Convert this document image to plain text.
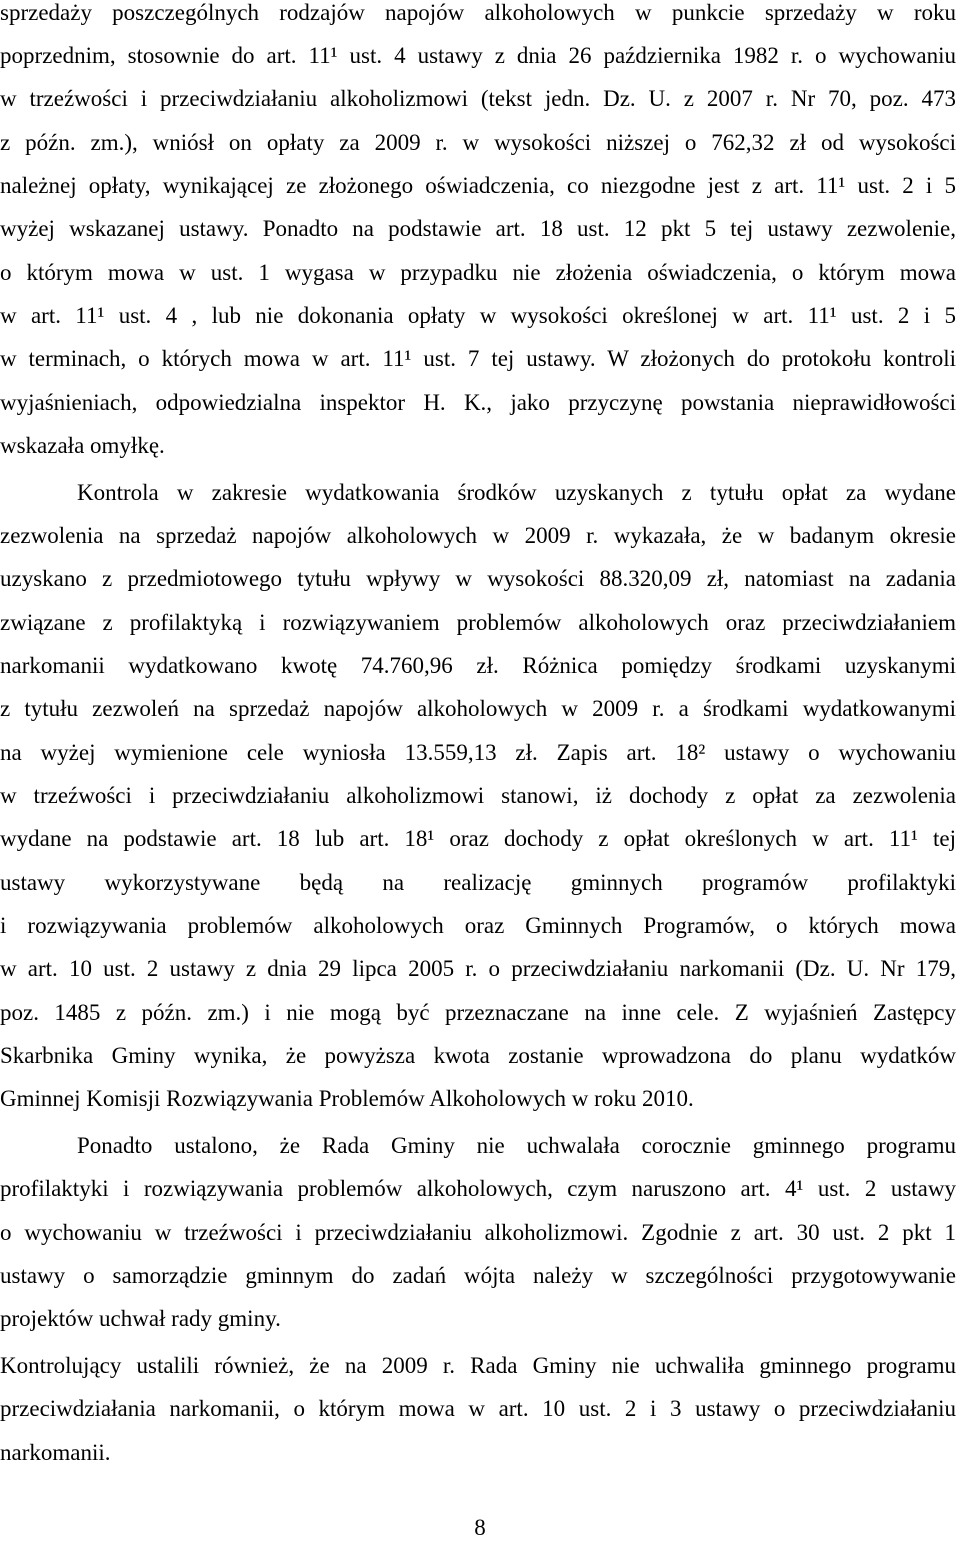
sprzedaży poszczególnych rodzajów napojów alkoholowych w punkcie sprzedaży w roku
poprzednim, stosownie do art. 11¹ ust. 4 ustawy z dnia 26 października 1982 r. o wychowaniu
w trzeźwości i przeciwdziałaniu alkoholizmowi (tekst jedn. Dz. U. z 2007 r. Nr 70, poz. 473
z późn. zm.), wniósł on opłaty za 2009 r. w wysokości niższej o 762,32 zł od wysokości
należnej opłaty, wynikającej ze złożonego oświadczenia, co niezgodne jest z art. 11¹ ust. 2 i 5
wyżej wskazanej ustawy. Ponadto na podstawie art. 18 ust. 12 pkt 5 tej ustawy zezwolenie,
o którym mowa w ust. 1 wygasa w przypadku nie złożenia oświadczenia, o którym mowa
w art. 11¹ ust. 4 , lub nie dokonania opłaty w wysokości określonej w art. 11¹ ust. 2 i 5
w terminach, o których mowa w art. 11¹ ust. 7 tej ustawy. W złożonych do protokołu kontroli
wyjaśnieniach, odpowiedzialna inspektor H. K., jako przyczynę powstania nieprawidłowości
wskazała omyłkę.
Kontrola w zakresie wydatkowania środków uzyskanych z tytułu opłat za wydane
zezwolenia na sprzedaż napojów alkoholowych w 2009 r. wykazała, że w badanym okresie
uzyskano z przedmiotowego tytułu wpływy w wysokości 88.320,09 zł, natomiast na zadania
związane z profilaktyką i rozwiązywaniem problemów alkoholowych oraz przeciwdziałaniem
narkomanii wydatkowano kwotę 74.760,96 zł. Różnica pomiędzy środkami uzyskanymi
z tytułu zezwoleń na sprzedaż napojów alkoholowych w 2009 r. a środkami wydatkowanymi
na wyżej wymienione cele wyniosła 13.559,13 zł. Zapis art. 18² ustawy o wychowaniu
w trzeźwości i przeciwdziałaniu alkoholizmowi stanowi, iż dochody z opłat za zezwolenia
wydane na podstawie art. 18 lub art. 18¹ oraz dochody z opłat określonych w art. 11¹ tej
ustawy wykorzystywane będą na realizację gminnych programów profilaktyki
i rozwiązywania problemów alkoholowych oraz Gminnych Programów, o których mowa
w art. 10 ust. 2 ustawy z dnia 29 lipca 2005 r. o przeciwdziałaniu narkomanii (Dz. U. Nr 179,
poz. 1485 z późn. zm.) i nie mogą być przeznaczane na inne cele. Z wyjaśnień Zastępcy
Skarbnika Gminy wynika, że powyższa kwota zostanie wprowadzona do planu wydatków
Gminnej Komisji Rozwiązywania Problemów Alkoholowych w roku 2010.
Ponadto ustalono, że Rada Gminy nie uchwalała corocznie gminnego programu
profilaktyki i rozwiązywania problemów alkoholowych, czym naruszono art. 4¹ ust. 2 ustawy
o wychowaniu w trzeźwości i przeciwdziałaniu alkoholizmowi. Zgodnie z art. 30 ust. 2 pkt 1
ustawy o samorządzie gminnym do zadań wójta należy w szczególności przygotowywanie
projektów uchwał rady gminy.
Kontrolujący ustalili również, że na 2009 r. Rada Gminy nie uchwaliła gminnego programu
przeciwdziałania narkomanii, o którym mowa w art. 10 ust. 2 i 3 ustawy o przeciwdziałaniu
narkomanii.
8
